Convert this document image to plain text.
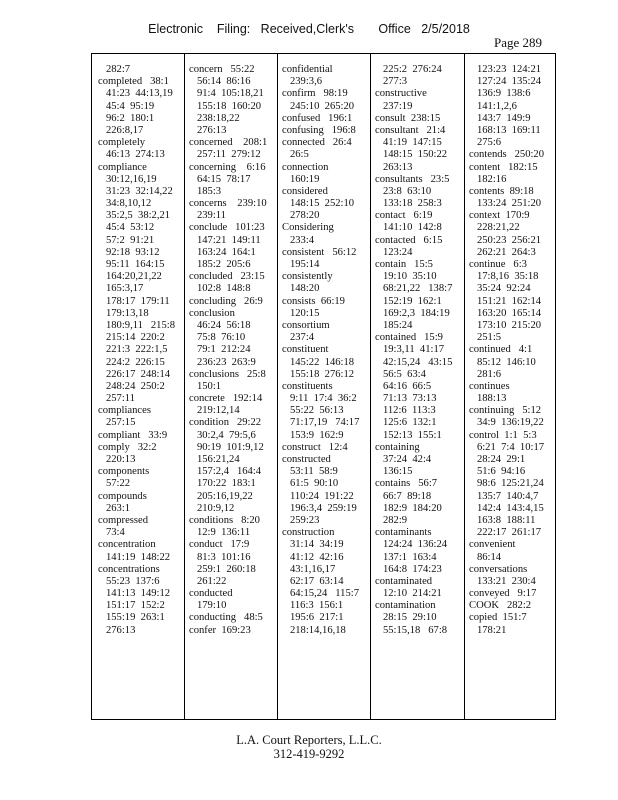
Electronic    Filing:   Received,Clerk's       Office   2/5/2018
Page 289
282:7
completed   38:1
41:23  44:13,19
45:4  95:19
96:2  180:1
226:8,17
completely
46:13  274:13
compliance
30:12,16,19
31:23  32:14,22
34:8,10,12
35:2,5  38:2,21
45:4  53:12
57:2  91:21
92:18  93:12
95:11  164:15
164:20,21,22
165:3,17
178:17  179:11
179:13,18
180:9,11   215:8
215:14  220:2
221:3  222:1,5
224:2  226:15
226:17  248:14
248:24  250:2
257:11
compliances
257:15
compliant   33:9
comply   32:2
220:13
components
57:22
compounds
263:1
compressed
73:4
concentration
141:19  148:22
concentrations
55:23  137:6
141:13  149:12
151:17  152:2
155:19  263:1
276:13
concern   55:22
56:14  86:16
91:4  105:18,21
155:18  160:20
238:18,22
276:13
concerned    208:1
257:11  279:12
concerning    6:16
64:15  78:17
185:3
concerns    239:10
239:11
conclude   101:23
147:21  149:11
163:24  164:1
185:2  205:6
concluded   23:15
102:8  148:8
concluding   26:9
conclusion
46:24  56:18
75:8  76:10
79:1  212:24
236:23  263:9
conclusions   25:8
150:1
concrete   192:14
219:12,14
condition   29:22
30:2,4  79:5,6
90:19  101:9,12
156:21,24
157:2,4   164:4
170:22  183:1
205:16,19,22
210:9,12
conditions   8:20
12:9  136:11
conduct   17:9
81:3  101:16
259:1  260:18
261:22
conducted
179:10
conducting   48:5
confer  169:23
confidential
239:3,6
confirm   98:19
245:10  265:20
confused   196:1
confusing   196:8
connected   26:4
26:5
connection
160:19
considered
148:15  252:10
278:20
Considering
233:4
consistent   56:12
195:14
consistently
148:20
consists  66:19
120:15
consortium
237:4
constituent
145:22  146:18
155:18  276:12
constituents
9:11  17:4  36:2
55:22  56:13
71:17,19   74:17
153:9  162:9
construct   12:4
constructed
53:11  58:9
61:5  90:10
110:24  191:22
196:3,4  259:19
259:23
construction
31:14  34:19
41:12  42:16
43:1,16,17
62:17  63:14
64:15,24   115:7
116:3  156:1
195:6  217:1
218:14,16,18
225:2  276:24
277:3
constructive
237:19
consult  238:15
consultant   21:4
41:19  147:15
148:15  150:22
263:13
consultants   23:5
23:8  63:10
133:18  258:3
contact   6:19
141:10  142:8
contacted   6:15
123:24
contain   15:5
19:10  35:10
68:21,22   138:7
152:19  162:1
169:2,3  184:19
185:24
contained   15:9
19:3,11  41:17
42:15,24   43:15
56:5  63:4
64:16  66:5
71:13  73:13
112:6  113:3
125:6  132:1
152:13  155:1
containing
37:24  42:4
136:15
contains   56:7
66:7  89:18
182:9  184:20
282:9
contaminants
124:24  136:24
137:1  163:4
164:8  174:23
contaminated
12:10  214:21
contamination
28:15  29:10
55:15,18   67:8
123:23  124:21
127:24  135:24
136:9  138:6
141:1,2,6
143:7  149:9
168:13  169:11
275:6
contends   250:20
content   182:15
182:16
contents  89:18
133:24  251:20
context  170:9
228:21,22
250:23  256:21
262:21  264:3
continue   6:3
17:8,16  35:18
35:24  92:24
151:21  162:14
163:20  165:14
173:10  215:20
251:5
continued   4:1
85:12  146:10
281:6
continues
188:13
continuing   5:12
34:9  136:19,22
control  1:1  5:3
6:21  7:4  10:17
28:24  29:1
51:6  94:16
98:6  125:21,24
135:7  140:4,7
142:4  143:4,15
163:8  188:11
222:17  261:17
convenient
86:14
conversations
133:21  230:4
conveyed   9:17
COOK   282:2
copied  151:7
178:21
L.A. Court Reporters, L.L.C.
312-419-9292
